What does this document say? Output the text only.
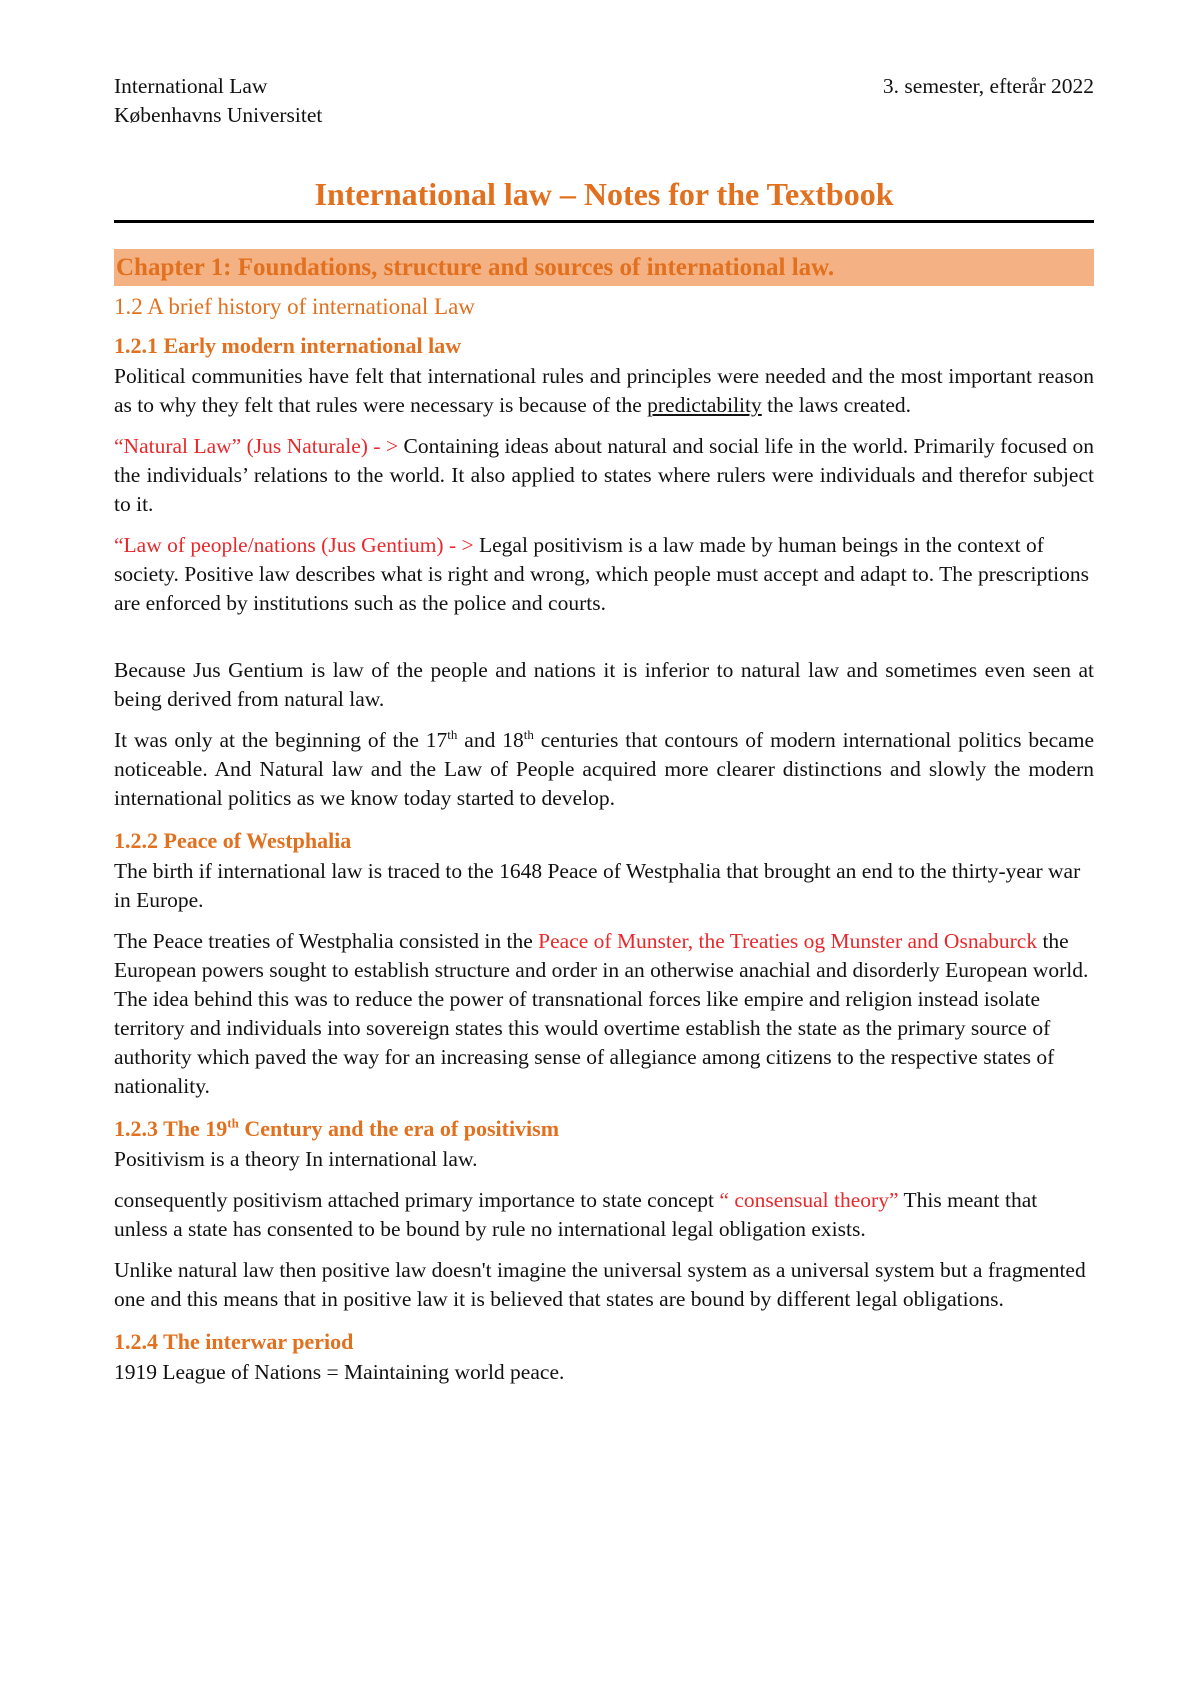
International Law
Københavns Universitet
3. semester, efterår 2022
International law – Notes for the Textbook
Chapter 1: Foundations, structure and sources of international law.
1.2 A brief history of international Law
1.2.1 Early modern international law

Political communities have felt that international rules and principles were needed and the most important reason as to why they felt that rules were necessary is because of the predictability the laws created.

“Natural Law” (Jus Naturale) - > Containing ideas about natural and social life in the world. Primarily focused on the individuals’ relations to the world. It also applied to states where rulers were individuals and therefor subject to it.

“Law of people/nations (Jus Gentium) - > Legal positivism is a law made by human beings in the context of society. Positive law describes what is right and wrong, which people must accept and adapt to. The prescriptions are enforced by institutions such as the police and courts.

Because Jus Gentium is law of the people and nations it is inferior to natural law and sometimes even seen at being derived from natural law.

It was only at the beginning of the 17th and 18th centuries that contours of modern international politics became noticeable. And Natural law and the Law of People acquired more clearer distinctions and slowly the modern international politics as we know today started to develop.

1.2.2 Peace of Westphalia

The birth if international law is traced to the 1648 Peace of Westphalia that brought an end to the thirty-year war in Europe.

The Peace treaties of Westphalia consisted in the Peace of Munster, the Treaties og Munster and Osnaburck the European powers sought to establish structure and order in an otherwise anachial and disorderly European world. The idea behind this was to reduce the power of transnational forces like empire and religion instead isolate territory and individuals into sovereign states this would overtime establish the state as the primary source of authority which paved the way for an increasing sense of allegiance among citizens to the respective states of nationality.

1.2.3 The 19th Century and the era of positivism

Positivism is a theory In international law.

consequently positivism attached primary importance to state concept “ consensual theory” This meant that unless a state has consented to be bound by rule no international legal obligation exists.

Unlike natural law then positive law doesn't imagine the universal system as a universal system but a fragmented one and this means that in positive law it is believed that states are bound by different legal obligations.

1.2.4 The interwar period

1919 League of Nations = Maintaining world peace.
